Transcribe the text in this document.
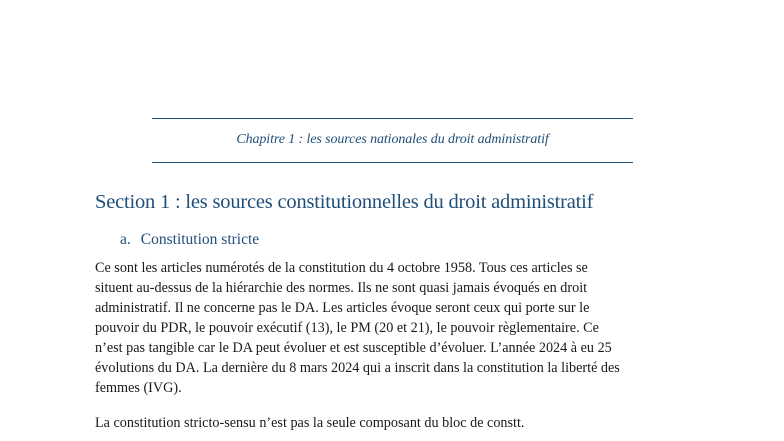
Chapitre 1 : les sources nationales du droit administratif
Section 1 : les sources constitutionnelles du droit administratif
a. Constitution stricte
Ce sont les articles numérotés de la constitution du 4 octobre 1958. Tous ces articles se
situent au-dessus de la hiérarchie des normes. Ils ne sont quasi jamais évoqués en droit
administratif. Il ne concerne pas le DA. Les articles évoque seront ceux qui porte sur le
pouvoir du PDR, le pouvoir exécutif (13), le PM (20 et 21), le pouvoir règlementaire. Ce
n’est pas tangible car le DA peut évoluer et est susceptible d’évoluer. L’année 2024 à eu 25
évolutions du DA. La dernière du 8 mars 2024 qui a inscrit dans la constitution la liberté des
femmes (IVG).
La constitution stricto-sensu n’est pas la seule composant du bloc de constt.
